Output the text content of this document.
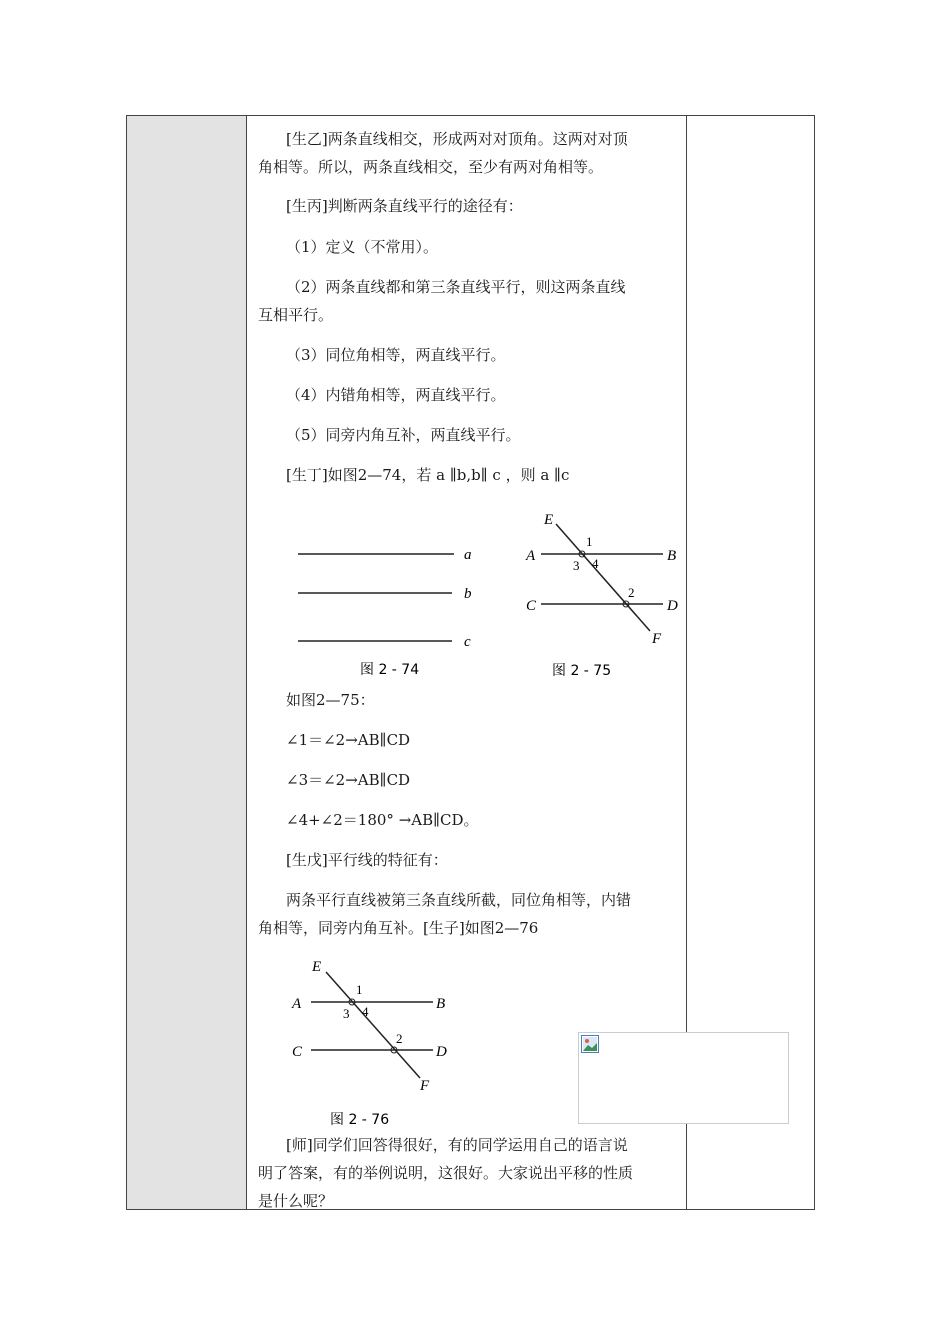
[生乙]两条直线相交，形成两对对顶角。这两对对顶
角相等。所以，两条直线相交，至少有两对角相等。
[生丙]判断两条直线平行的途径有：
（1）定义（不常用）。
（2）两条直线都和第三条直线平行，则这两条直线
互相平行。
（3）同位角相等，两直线平行。
（4）内错角相等，两直线平行。
（5）同旁内角互补，两直线平行。
[生丁]如图2—74，若 a ∥b,b∥ c ，则 a ∥c
a
b
c
图 2 - 74
E
A	B
C	D
F
1
2
3 4
图 2 - 75
如图2—75：
∠1＝∠2→AB∥CD
∠3＝∠2→AB∥CD
∠4+∠2＝180° →AB∥CD。
[生戊]平行线的特征有：
两条平行直线被第三条直线所截，同位角相等，内错
角相等，同旁内角互补。[生子]如图2—76
E
A	B
C	D
F
1
2
3 4
图 2 - 76
[师]同学们回答得很好，有的同学运用自己的语言说
明了答案，有的举例说明，这很好。大家说出平移的性质
是什么呢？
